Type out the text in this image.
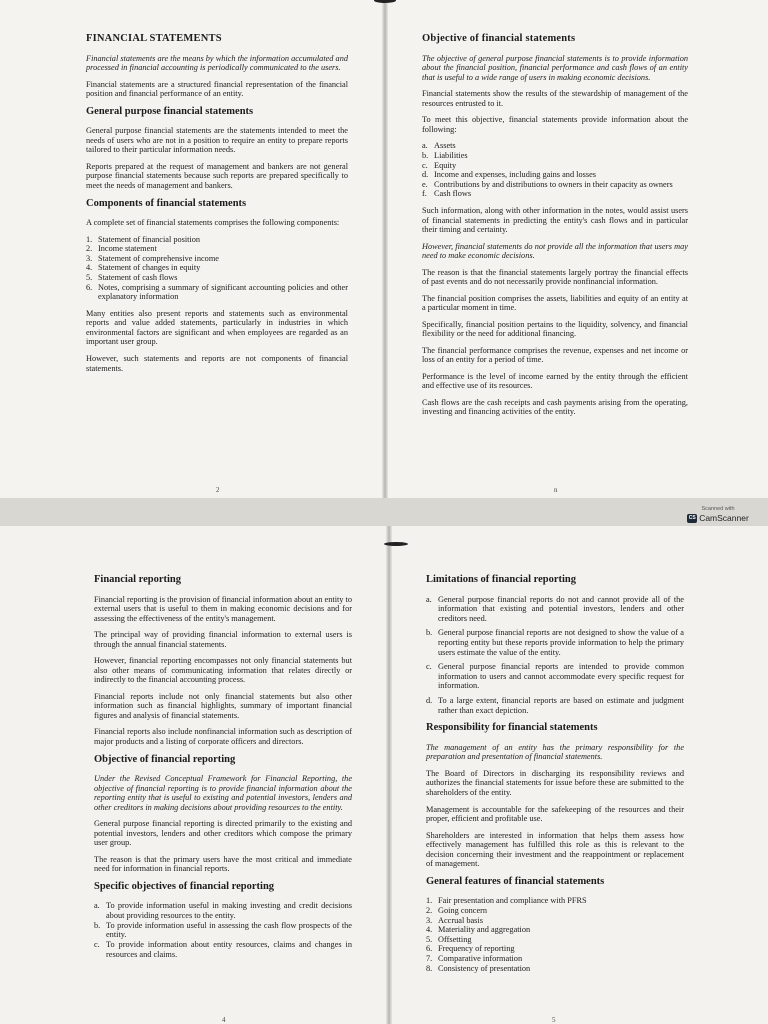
FINANCIAL STATEMENTS

Financial statements are the means by which the information accumulated and processed in financial accounting is periodically communicated to the users.

Financial statements are a structured financial representation of the financial position and financial performance of an entity.

General purpose financial statements

General purpose financial statements are the statements intended to meet the needs of users who are not in a position to require an entity to prepare reports tailored to their particular information needs.

Reports prepared at the request of management and bankers are not general purpose financial statements because such reports are prepared specifically to meet the needs of management and bankers.

Components of financial statements

A complete set of financial statements comprises the following components:

1. Statement of financial position
2. Income statement
3. Statement of comprehensive income
4. Statement of changes in equity
5. Statement of cash flows
6. Notes, comprising a summary of significant accounting policies and other explanatory information

Many entities also present reports and statements such as environmental reports and value added statements, particularly in industries in which environmental factors are significant and when employees are regarded as an important user group.

However, such statements and reports are not components of financial statements.

2
Objective of financial statements

The objective of general purpose financial statements is to provide information about the financial position, financial performance and cash flows of an entity that is useful to a wide range of users in making economic decisions.

Financial statements show the results of the stewardship of management of the resources entrusted to it.

To meet this objective, financial statements provide information about the following:

a. Assets
b. Liabilities
c. Equity
d. Income and expenses, including gains and losses
e. Contributions by and distributions to owners in their capacity as owners
f. Cash flows

Such information, along with other information in the notes, would assist users of financial statements in predicting the entity's cash flows and in particular their timing and certainty.

However, financial statements do not provide all the information that users may need to make economic decisions.

The reason is that the financial statements largely portray the financial effects of past events and do not necessarily provide nonfinancial information.

The financial position comprises the assets, liabilities and equity of an entity at a particular moment in time.

Specifically, financial position pertains to the liquidity, solvency, and financial flexibility or the need for additional financing.

The financial performance comprises the revenue, expenses and net income or loss of an entity for a period of time.

Performance is the level of income earned by the entity through the efficient and effective use of its resources.

Cash flows are the cash receipts and cash payments arising from the operating, investing and financing activities of the entity.

n
Scanned with
CS CamScanner
Financial reporting

Financial reporting is the provision of financial information about an entity to external users that is useful to them in making economic decisions and for assessing the effectiveness of the entity's management.

The principal way of providing financial information to external users is through the annual financial statements.

However, financial reporting encompasses not only financial statements but also other means of communicating information that relates directly or indirectly to the financial accounting process.

Financial reports include not only financial statements but also other information such as financial highlights, summary of important financial figures and analysis of financial statements.

Financial reports also include nonfinancial information such as description of major products and a listing of corporate officers and directors.

Objective of financial reporting

Under the Revised Conceptual Framework for Financial Reporting, the objective of financial reporting is to provide financial information about the reporting entity that is useful to existing and potential investors, lenders and other creditors in making decisions about providing resources to the entity.

General purpose financial reporting is directed primarily to the existing and potential investors, lenders and other creditors which compose the primary user group.

The reason is that the primary users have the most critical and immediate need for information in financial reports.

Specific objectives of financial reporting
a. To provide information useful in making investing and credit decisions about providing resources to the entity.
b. To provide information useful in assessing the cash flow prospects of the entity.
c. To provide information about entity resources, claims and changes in resources and claims.
4
Limitations of financial reporting
a. General purpose financial reports do not and cannot provide all of the information that existing and potential investors, lenders and other creditors need.
b. General purpose financial reports are not designed to show the value of a reporting entity but these reports provide information to help the primary users estimate the value of the entity.
c. General purpose financial reports are intended to provide common information to users and cannot accommodate every specific request for information.
d. To a large extent, financial reports are based on estimate and judgment rather than exact depiction.
Responsibility for financial statements

The management of an entity has the primary responsibility for the preparation and presentation of financial statements.

The Board of Directors in discharging its responsibility reviews and authorizes the financial statements for issue before these are submitted to the shareholders of the entity.

Management is accountable for the safekeeping of the resources and their proper, efficient and profitable use.

Shareholders are interested in information that helps them assess how effectively management has fulfilled this role as this is relevant to the decision concerning their investment and the reappointment or replacement of management.

General features of financial statements
1. Fair presentation and compliance with PFRS
2. Going concern
3. Accrual basis
4. Materiality and aggregation
5. Offsetting
6. Frequency of reporting
7. Comparative information
8. Consistency of presentation
5
